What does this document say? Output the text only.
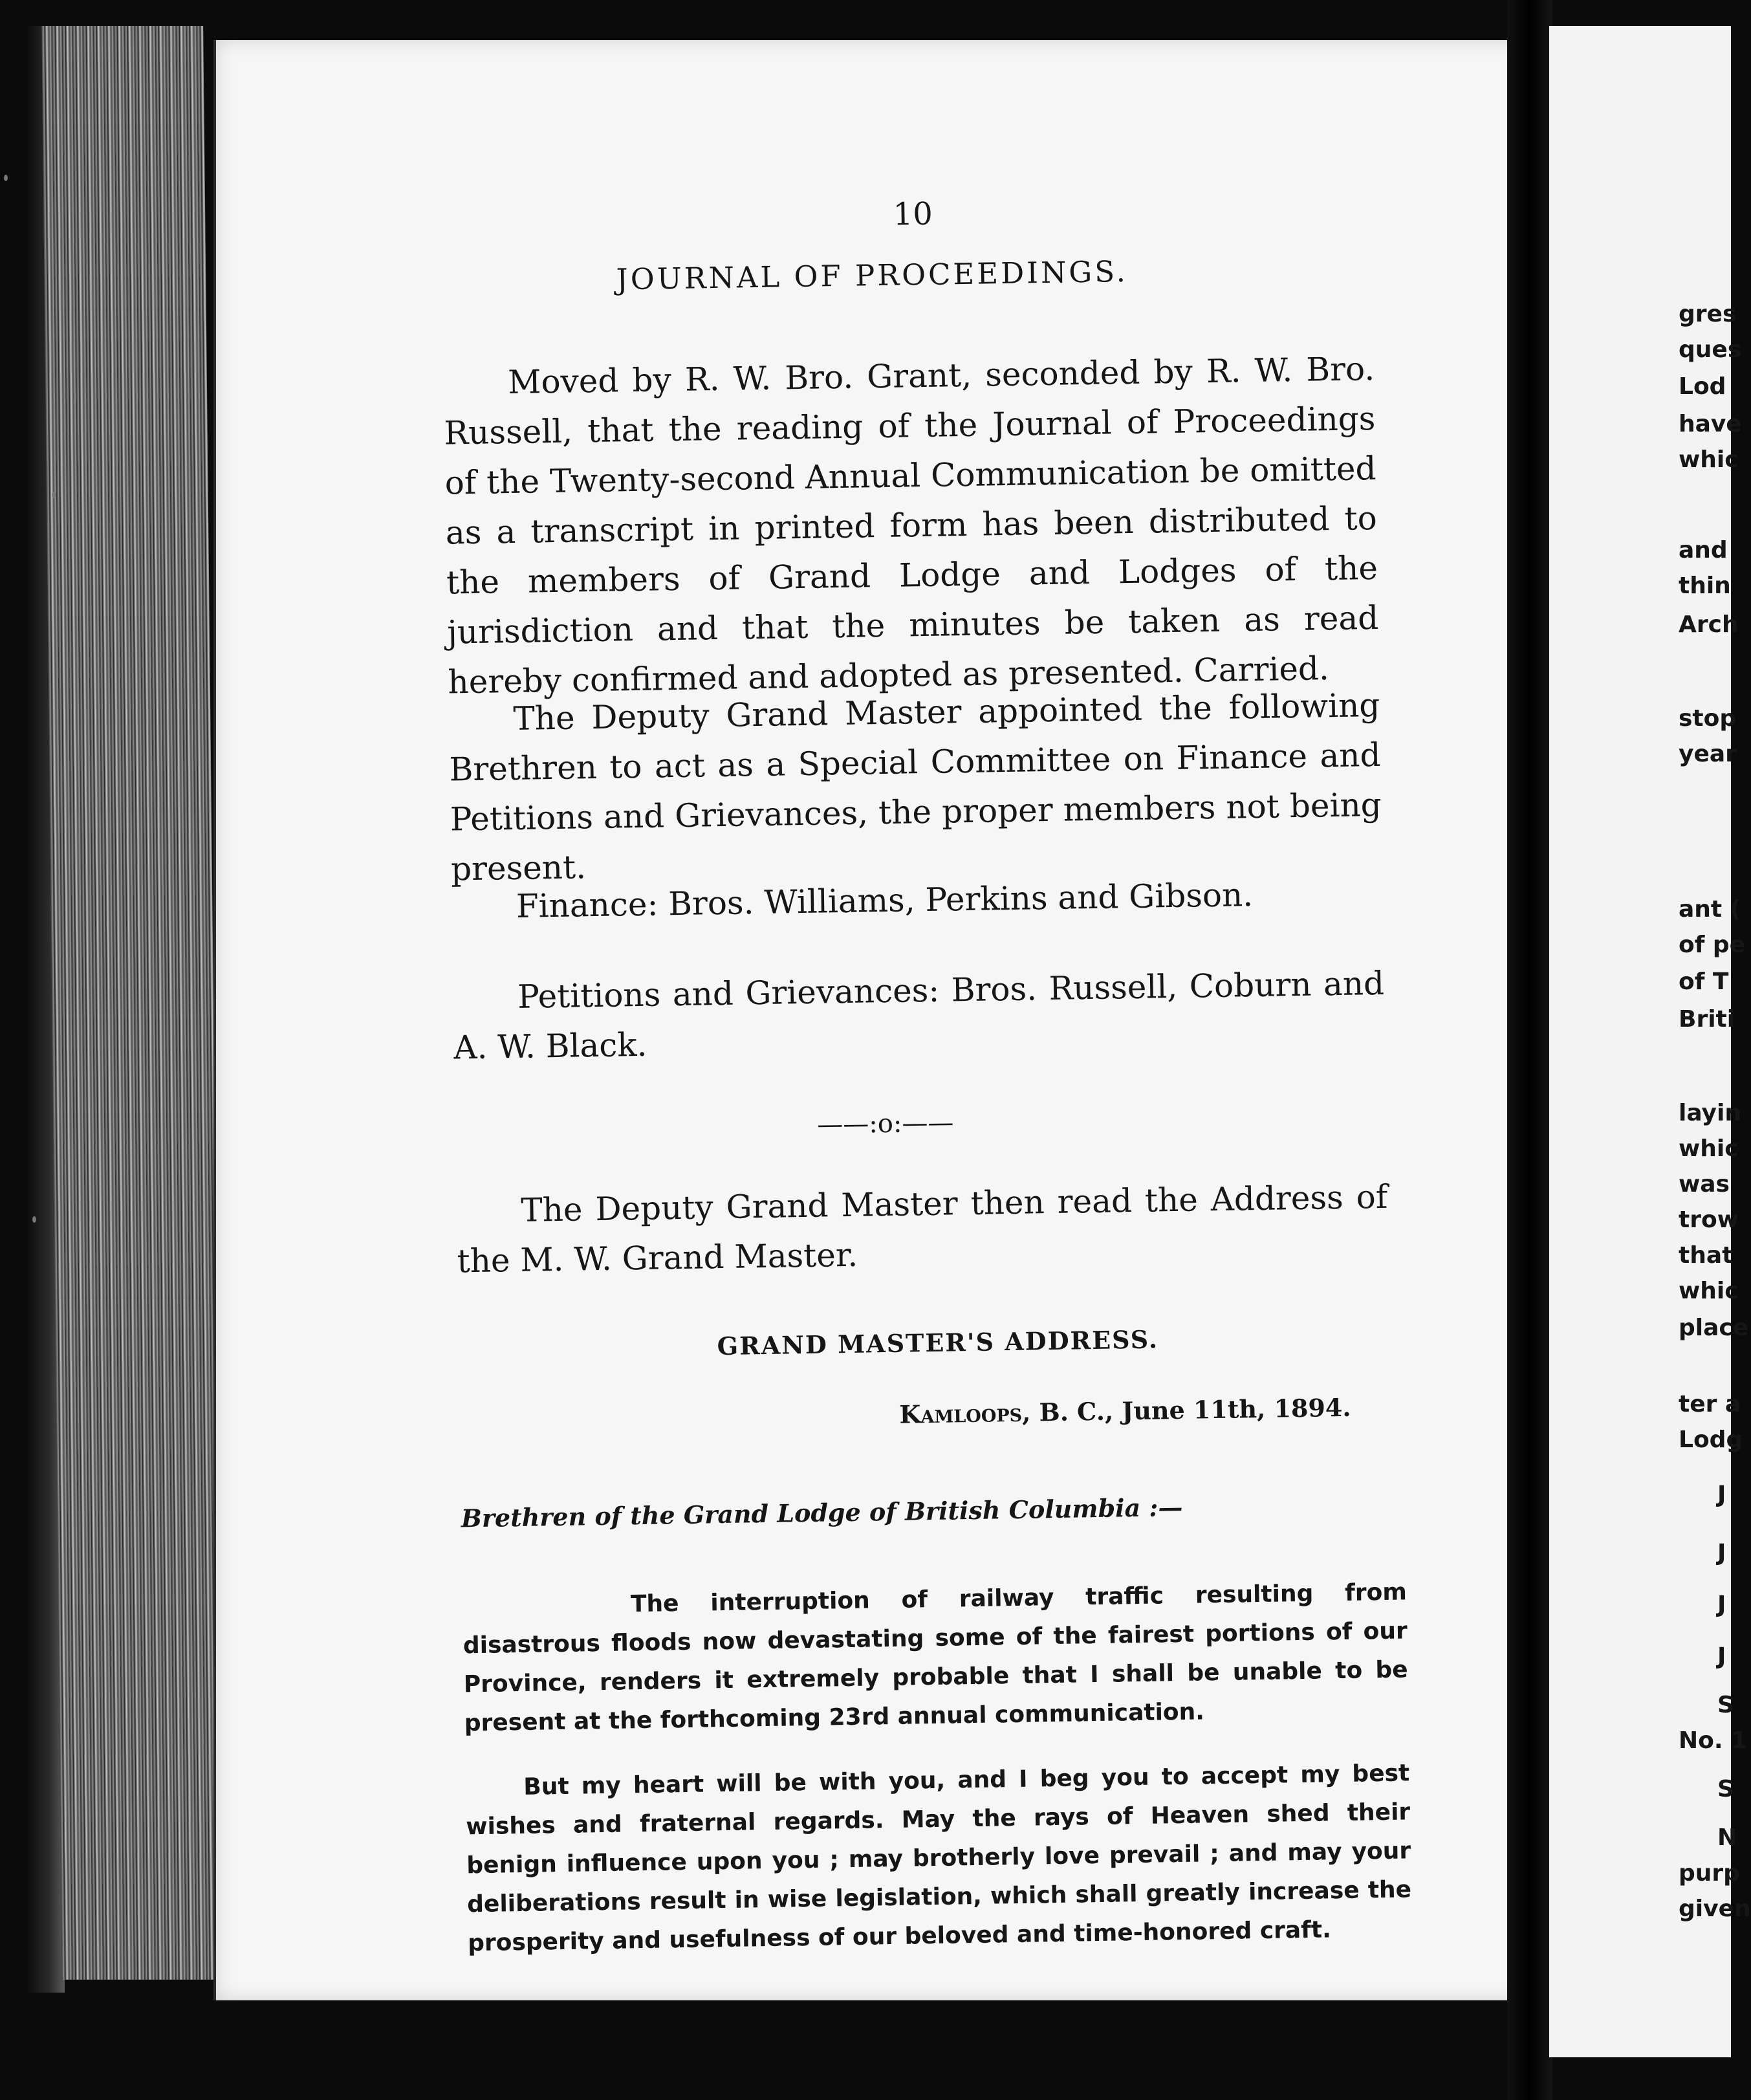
10
JOURNAL OF PROCEEDINGS.
Moved by R. W. Bro. Grant, seconded by R. W. Bro. Russell, that the reading of the Journal of Proceedings of the Twenty-second Annual Communication be omitted as a transcript in printed form has been distributed to the members of Grand Lodge and Lodges of the jurisdiction and that the minutes be taken as read hereby confirmed and adopted as presented. Carried.
The Deputy Grand Master appointed the following Brethren to act as a Special Committee on Finance and Petitions and Grievances, the proper members not being present.
Finance: Bros. Williams, Perkins and Gibson.
Petitions and Grievances: Bros. Russell, Coburn and A. W. Black.
——:o:——
The Deputy Grand Master then read the Address of the M. W. Grand Master.
GRAND MASTER'S ADDRESS.
Kamloops, B. C., June 11th, 1894.
Brethren of the Grand Lodge of British Columbia :—
The interruption of railway traffic resulting from disastrous floods now devastating some of the fairest portions of our Province, renders it extremely probable that I shall be unable to be present at the forthcoming 23rd annual communication.
But my heart will be with you, and I beg you to accept my best wishes and fraternal regards. May the rays of Heaven shed their benign influence upon you ; may brotherly love prevail ; and may your deliberations result in wise legislation, which shall greatly increase the prosperity and usefulness of our beloved and time-honored craft.
gres
ques
Lod
have
whic
and
thin
Arch
stop
year
ant (
of pe
of T
Briti
layin
whic
was
trow
that
whic
place
ter a
Lodg
J
J
J
J
S
No. 1
S
N
purp
given
